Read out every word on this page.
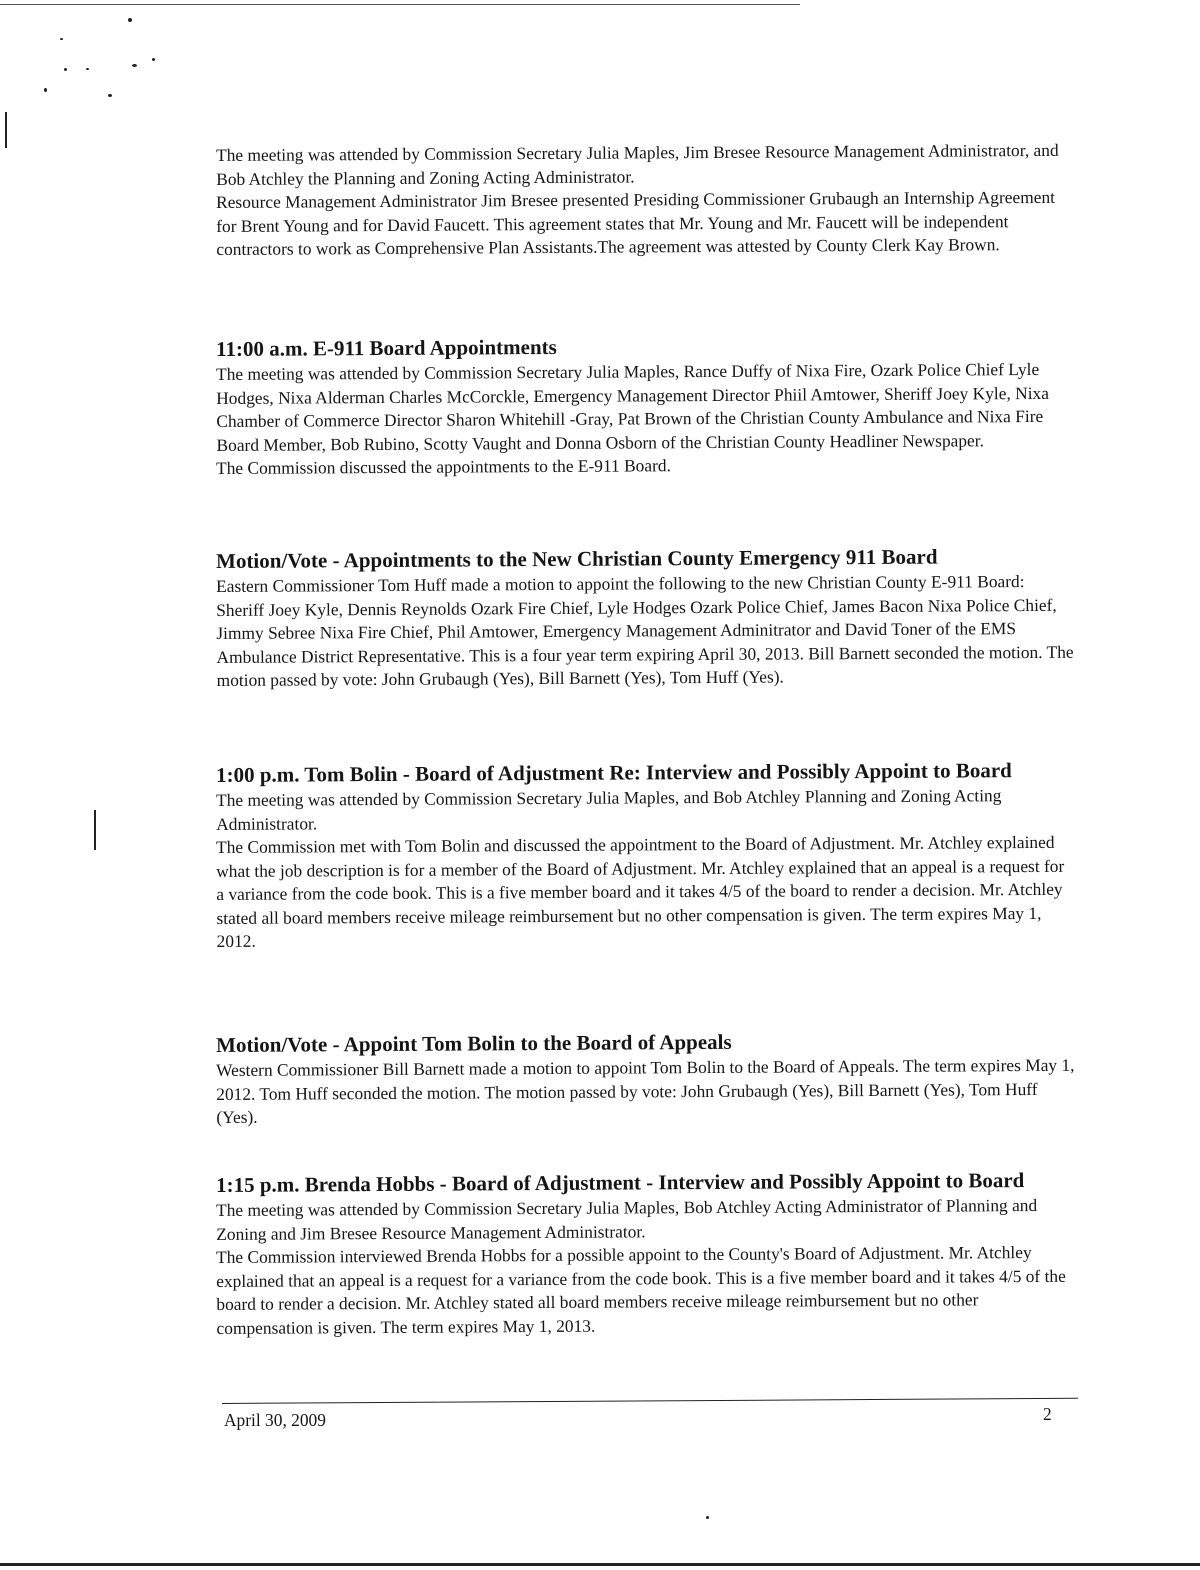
The meeting was attended by Commission Secretary Julia Maples, Jim Bresee Resource Management Administrator, and Bob Atchley the Planning and Zoning Acting Administrator.

Resource Management Administrator Jim Bresee presented Presiding Commissioner Grubaugh an Internship Agreement for Brent Young and for David Faucett. This agreement states that Mr. Young and Mr. Faucett will be independent contractors to work as Comprehensive Plan Assistants.The agreement was attested by County Clerk Kay Brown.

11:00 a.m. E-911 Board Appointments

The meeting was attended by Commission Secretary Julia Maples, Rance Duffy of Nixa Fire, Ozark Police Chief Lyle Hodges, Nixa Alderman Charles McCorckle, Emergency Management Director Phiil Amtower, Sheriff Joey Kyle, Nixa Chamber of Commerce Director Sharon Whitehill -Gray, Pat Brown of the Christian County Ambulance and Nixa Fire Board Member, Bob Rubino, Scotty Vaught and Donna Osborn of the Christian County Headliner Newspaper.

The Commission discussed the appointments to the E-911 Board.

Motion/Vote - Appointments to the New Christian County Emergency 911 Board

Eastern Commissioner Tom Huff made a motion to appoint the following to the new Christian County E-911 Board: Sheriff Joey Kyle, Dennis Reynolds Ozark Fire Chief, Lyle Hodges Ozark Police Chief, James Bacon Nixa Police Chief, Jimmy Sebree Nixa Fire Chief, Phil Amtower, Emergency Management Adminitrator and David Toner of the EMS Ambulance District Representative. This is a four year term expiring April 30, 2013. Bill Barnett seconded the motion. The motion passed by vote: John Grubaugh (Yes), Bill Barnett (Yes), Tom Huff (Yes).

1:00 p.m. Tom Bolin - Board of Adjustment Re: Interview and Possibly Appoint to Board

The meeting was attended by Commission Secretary Julia Maples, and Bob Atchley Planning and Zoning Acting Administrator.

The Commission met with Tom Bolin and discussed the appointment to the Board of Adjustment. Mr. Atchley explained what the job description is for a member of the Board of Adjustment. Mr. Atchley explained that an appeal is a request for a variance from the code book. This is a five member board and it takes 4/5 of the board to render a decision. Mr. Atchley stated all board members receive mileage reimbursement but no other compensation is given. The term expires May 1, 2012.

Motion/Vote - Appoint Tom Bolin to the Board of Appeals

Western Commissioner Bill Barnett made a motion to appoint Tom Bolin to the Board of Appeals. The term expires May 1, 2012. Tom Huff seconded the motion. The motion passed by vote: John Grubaugh (Yes), Bill Barnett (Yes), Tom Huff (Yes).

1:15 p.m. Brenda Hobbs - Board of Adjustment - Interview and Possibly Appoint to Board

The meeting was attended by Commission Secretary Julia Maples, Bob Atchley Acting Administrator of Planning and Zoning and Jim Bresee Resource Management Administrator.

The Commission interviewed Brenda Hobbs for a possible appoint to the County's Board of Adjustment. Mr. Atchley explained that an appeal is a request for a variance from the code book. This is a five member board and it takes 4/5 of the board to render a decision. Mr. Atchley stated all board members receive mileage reimbursement but no other compensation is given. The term expires May 1, 2013.

April 30, 2009	2
